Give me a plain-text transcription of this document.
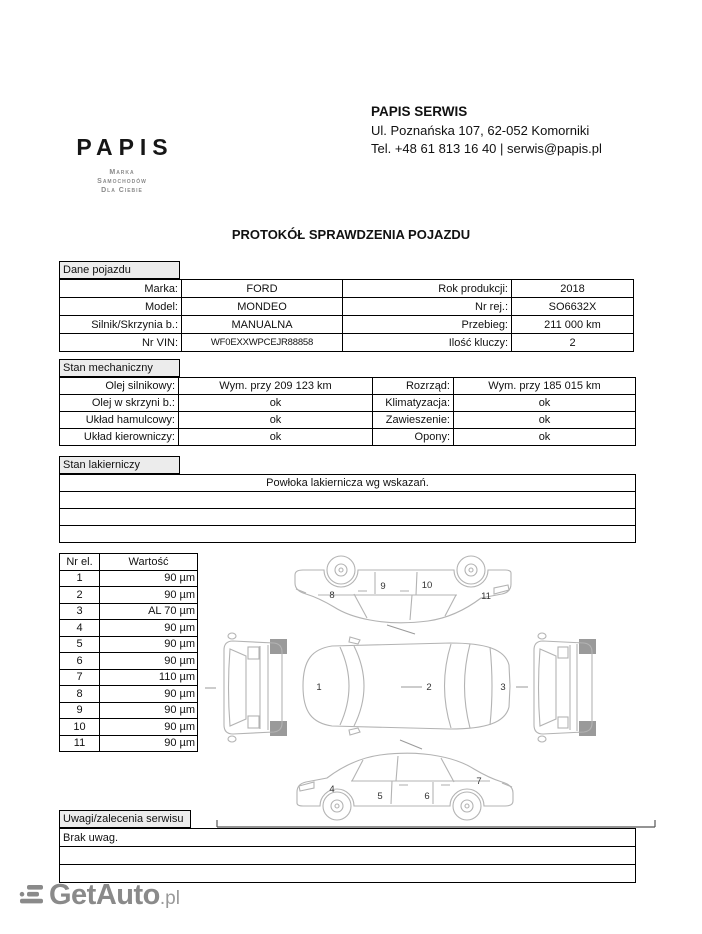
PAPIS
Marka
Samochodów
Dla Ciebie
PAPIS SERWIS
Ul. Poznańska 107, 62-052 Komorniki
Tel. +48 61 813 16 40 | serwis@papis.pl
PROTOKÓŁ SPRAWDZENIA POJAZDU
Dane pojazdu
Marka:	FORD	Rok produkcji:	2018
Model:	MONDEO	Nr rej.:	SO6632X
Silnik/Skrzynia b.:	MANUALNA	Przebieg:	211 000 km
Nr VIN:	WF0EXXWPCEJR88858	Ilość kluczy:	2
Stan mechaniczny
Olej silnikowy:	Wym. przy 209 123 km	Rozrząd:	Wym. przy 185 015 km
Olej w skrzyni b.:	ok	Klimatyzacja:	ok
Układ hamulcowy:	ok	Zawieszenie:	ok
Układ kierowniczy:	ok	Opony:	ok
Stan lakierniczy
Powłoka lakiernicza wg wskazań.

Nr el.	Wartość
1	90 µm
2	90 µm
3	AL 70 µm
4	90 µm
5	90 µm
6	90 µm
7	110 µm
8	90 µm
9	90 µm
10	90 µm
11	90 µm
8
9	10
11
1	2	3
4
5	6
7
Uwagi/zalecenia serwisu
Brak uwag.

GetAuto .pl
